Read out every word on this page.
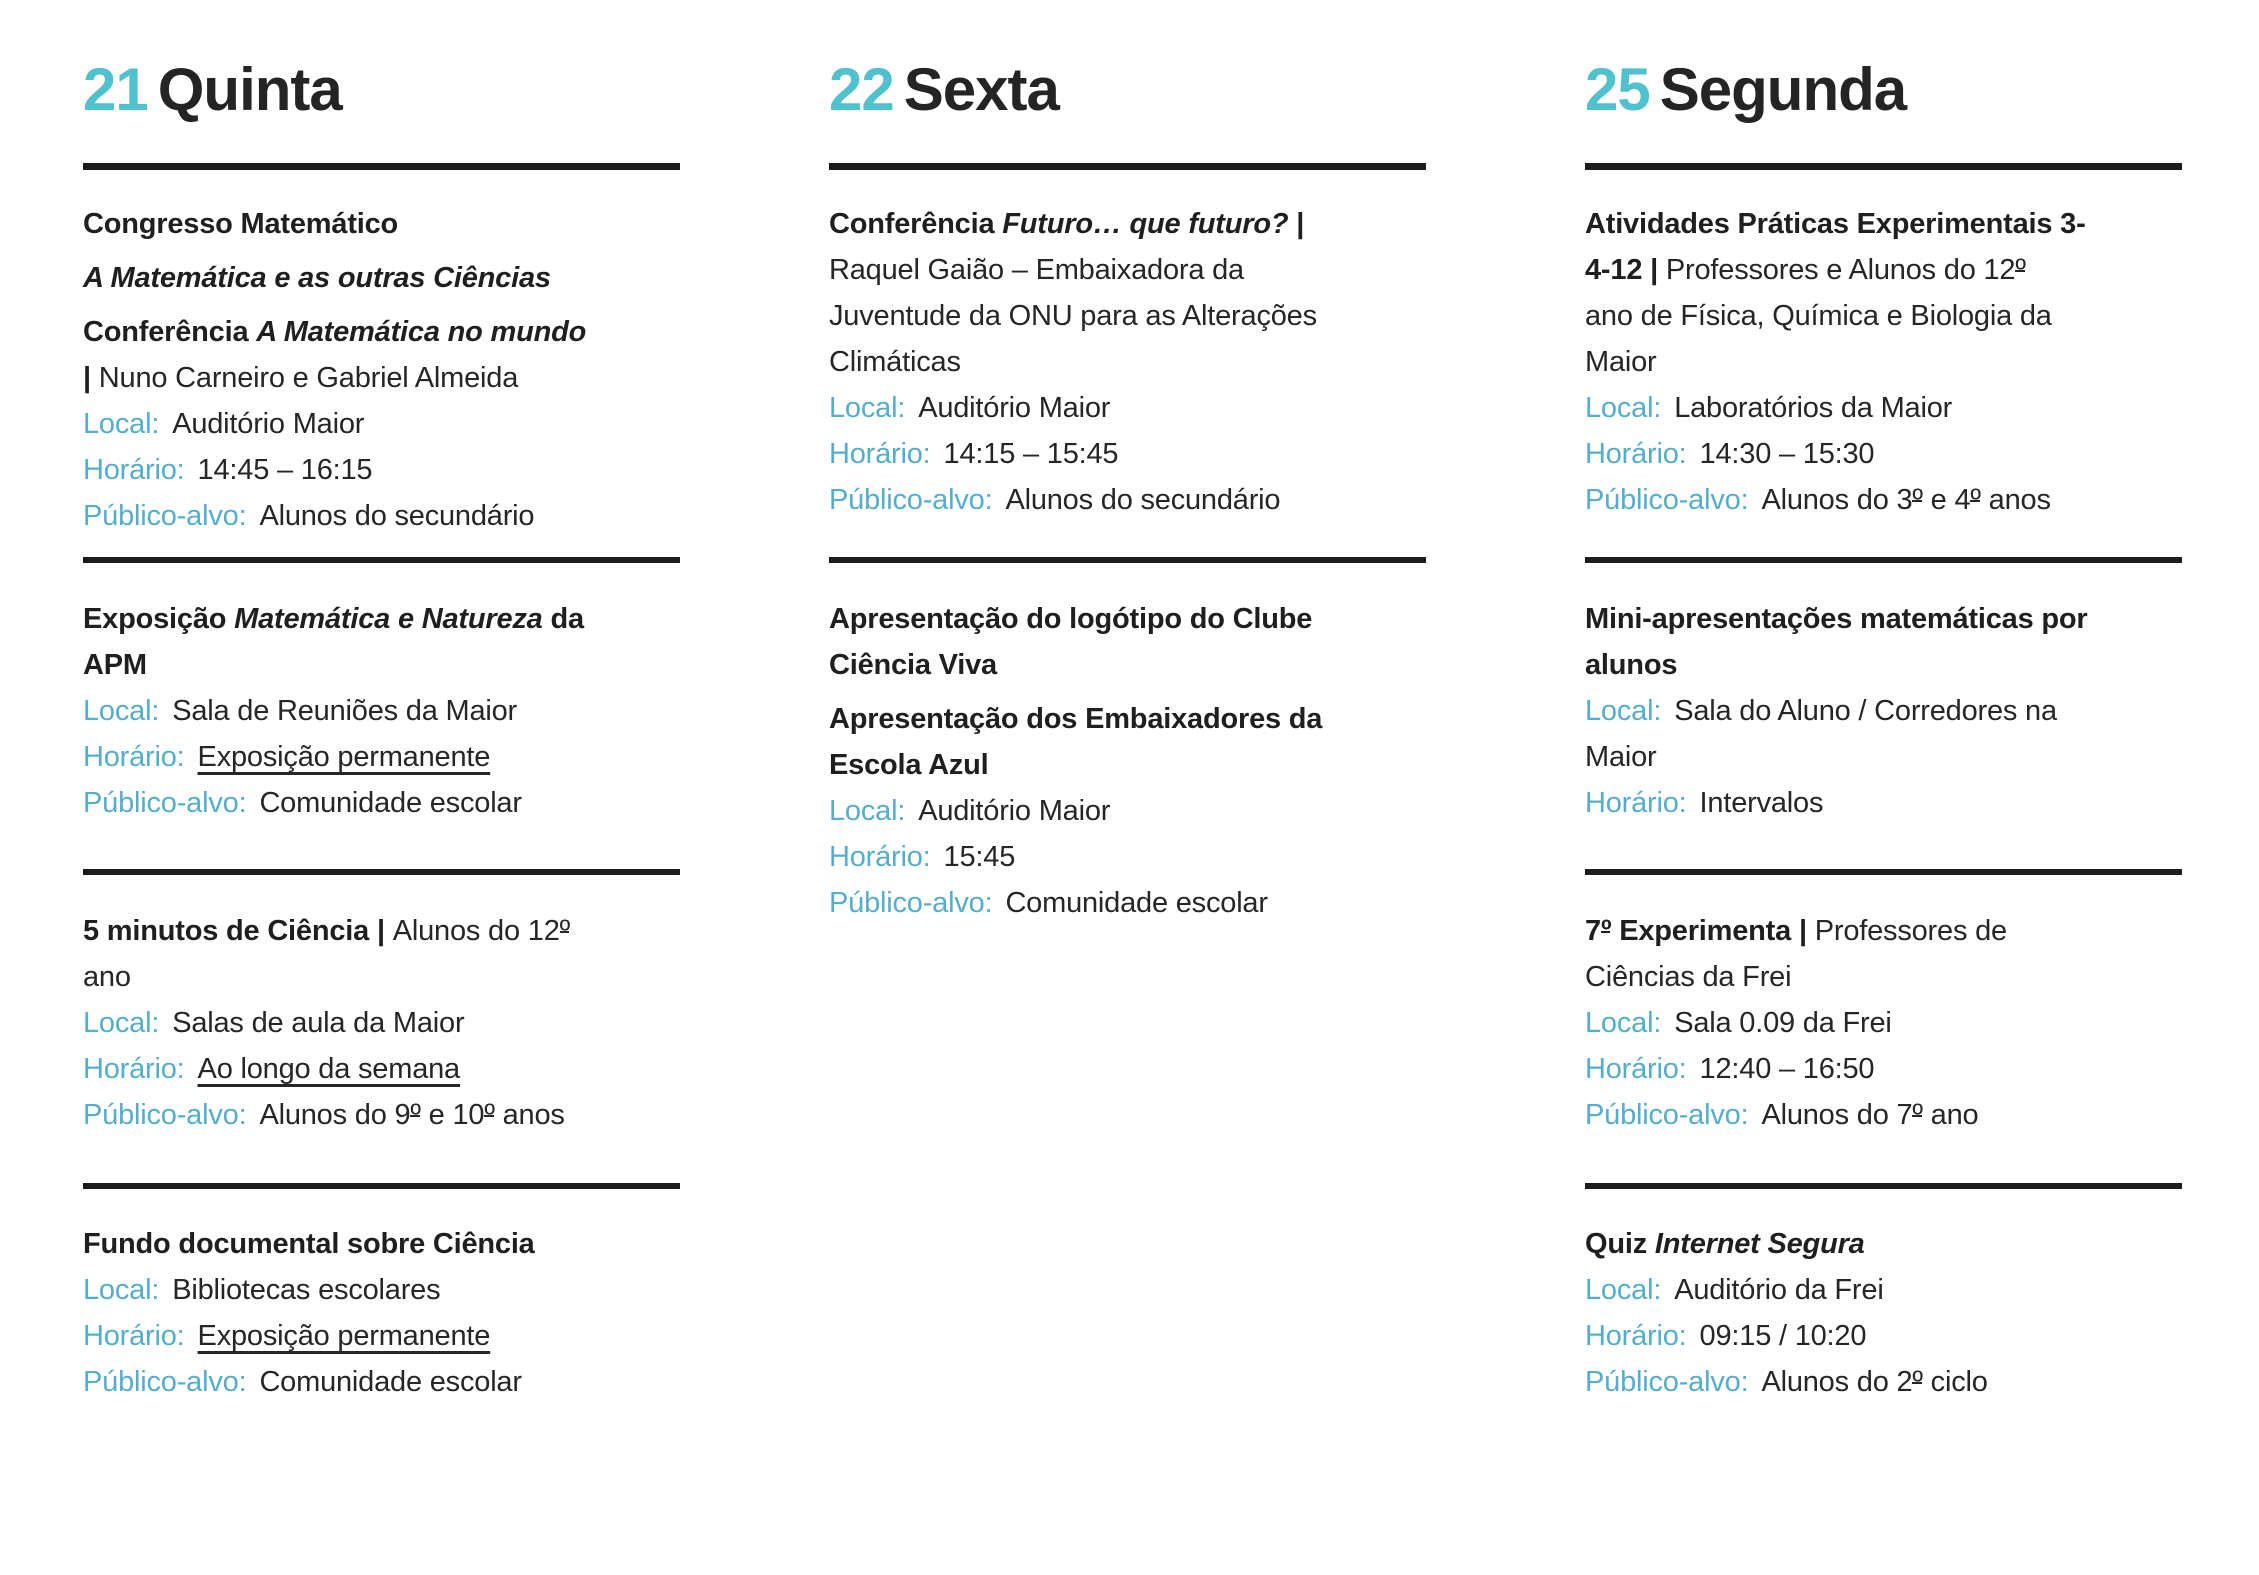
21 Quinta
Congresso Matemático
A Matemática e as outras Ciências
Conferência A Matemática no mundo
| Nuno Carneiro e Gabriel Almeida
Local: Auditório Maior
Horário: 14:45 – 16:15
Público-alvo: Alunos do secundário
Exposição Matemática e Natureza da
APM
Local: Sala de Reuniões da Maior
Horário: Exposição permanente
Público-alvo: Comunidade escolar
5 minutos de Ciência | Alunos do 12º
ano
Local: Salas de aula da Maior
Horário: Ao longo da semana
Público-alvo: Alunos do 9º e 10º anos
Fundo documental sobre Ciência
Local: Bibliotecas escolares
Horário: Exposição permanente
Público-alvo: Comunidade escolar
22 Sexta
Conferência Futuro… que futuro? |
Raquel Gaião – Embaixadora da
Juventude da ONU para as Alterações Climáticas
Local: Auditório Maior
Horário: 14:15 – 15:45
Público-alvo: Alunos do secundário
Apresentação do logótipo do Clube
Ciência Viva
Apresentação dos Embaixadores da
Escola Azul
Local: Auditório Maior
Horário: 15:45
Público-alvo: Comunidade escolar
25 Segunda
Atividades Práticas Experimentais 3-
4-12 | Professores e Alunos do 12º
ano de Física, Química e Biologia da
Maior
Local: Laboratórios da Maior
Horário: 14:30 – 15:30
Público-alvo: Alunos do 3º e 4º anos
Mini-apresentações matemáticas por
alunos
Local: Sala do Aluno / Corredores na
Maior
Horário: Intervalos
7º Experimenta | Professores de
Ciências da Frei
Local: Sala 0.09 da Frei
Horário: 12:40 – 16:50
Público-alvo: Alunos do 7º ano
Quiz Internet Segura
Local: Auditório da Frei
Horário: 09:15 / 10:20
Público-alvo: Alunos do 2º ciclo
